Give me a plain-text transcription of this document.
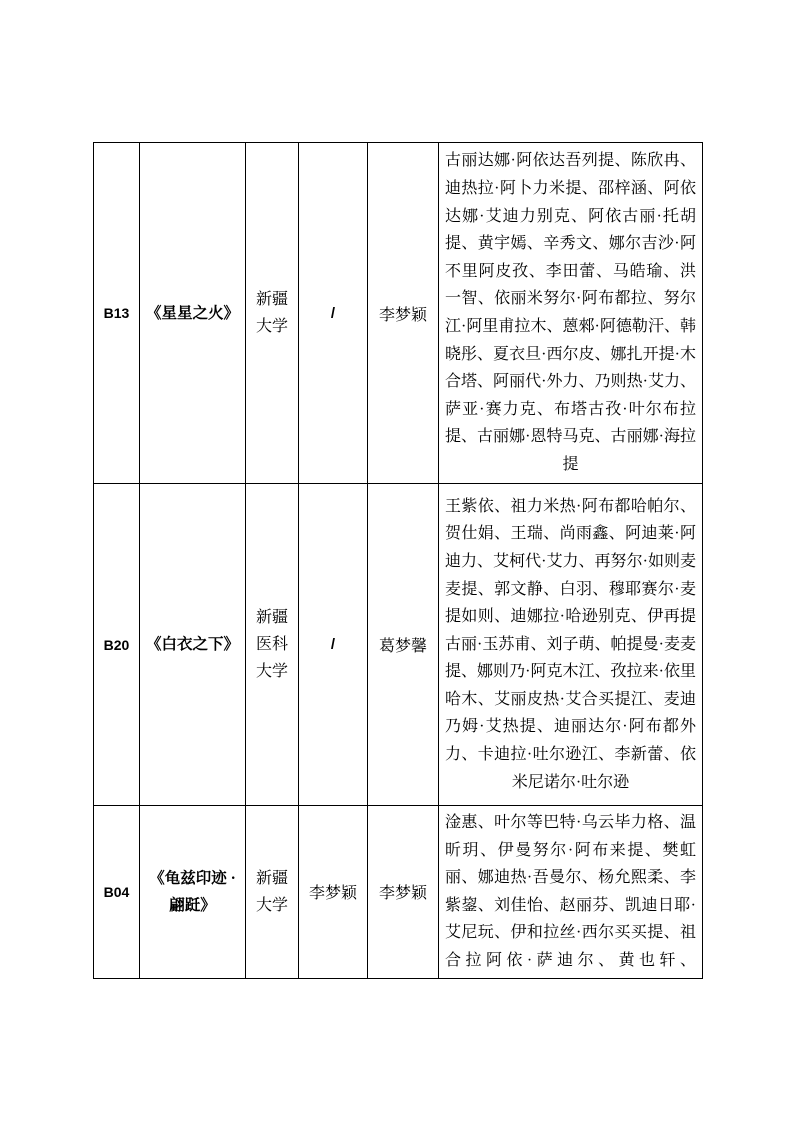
B13	《星星之火》	新疆大学	/	李梦颖	古丽达娜·阿依达吾列提、陈欣冉、迪热拉·阿卜力米提、邵梓涵、阿依达娜·艾迪力别克、阿依古丽·托胡提、黄宇嫣、辛秀文、娜尔吉沙·阿不里阿皮孜、李田蕾、马皓瑜、洪一智、依丽米努尔·阿布都拉、努尔江·阿里甫拉木、蒽郲·阿德勒汗、韩晓彤、夏衣旦·西尔皮、娜扎开提·木合塔、阿丽代·外力、乃则热·艾力、萨亚·赛力克、布塔古孜·叶尔布拉提、古丽娜·恩特马克、古丽娜·海拉提
B20	《白衣之下》	新疆医科大学	/	葛梦馨	王紫依、祖力米热·阿布都哈帕尔、贺仕娟、王瑞、尚雨鑫、阿迪莱·阿迪力、艾柯代·艾力、再努尔·如则麦麦提、郭文静、白羽、穆耶赛尔·麦提如则、迪娜拉·哈逊别克、伊再提古丽·玉苏甫、刘子萌、帕提曼·麦麦提、娜则乃·阿克木江、孜拉来·依里哈木、艾丽皮热·艾合买提江、麦迪乃姆·艾热提、迪丽达尔·阿布都外力、卡迪拉·吐尔逊江、李新蕾、依米尼诺尔·吐尔逊
B04	《龟兹印迹 ·翩跹》	新疆大学	李梦颖	李梦颖	淦惠、叶尔等巴特·乌云毕力格、温昕玥、伊曼努尔·阿布来提、樊虹丽、娜迪热·吾曼尔、杨允熙柔、李紫鋆、刘佳怡、赵丽芬、凯迪日耶·艾尼玩、伊和拉丝·西尔买买提、祖合拉阿依·萨迪尔、黄也轩、
